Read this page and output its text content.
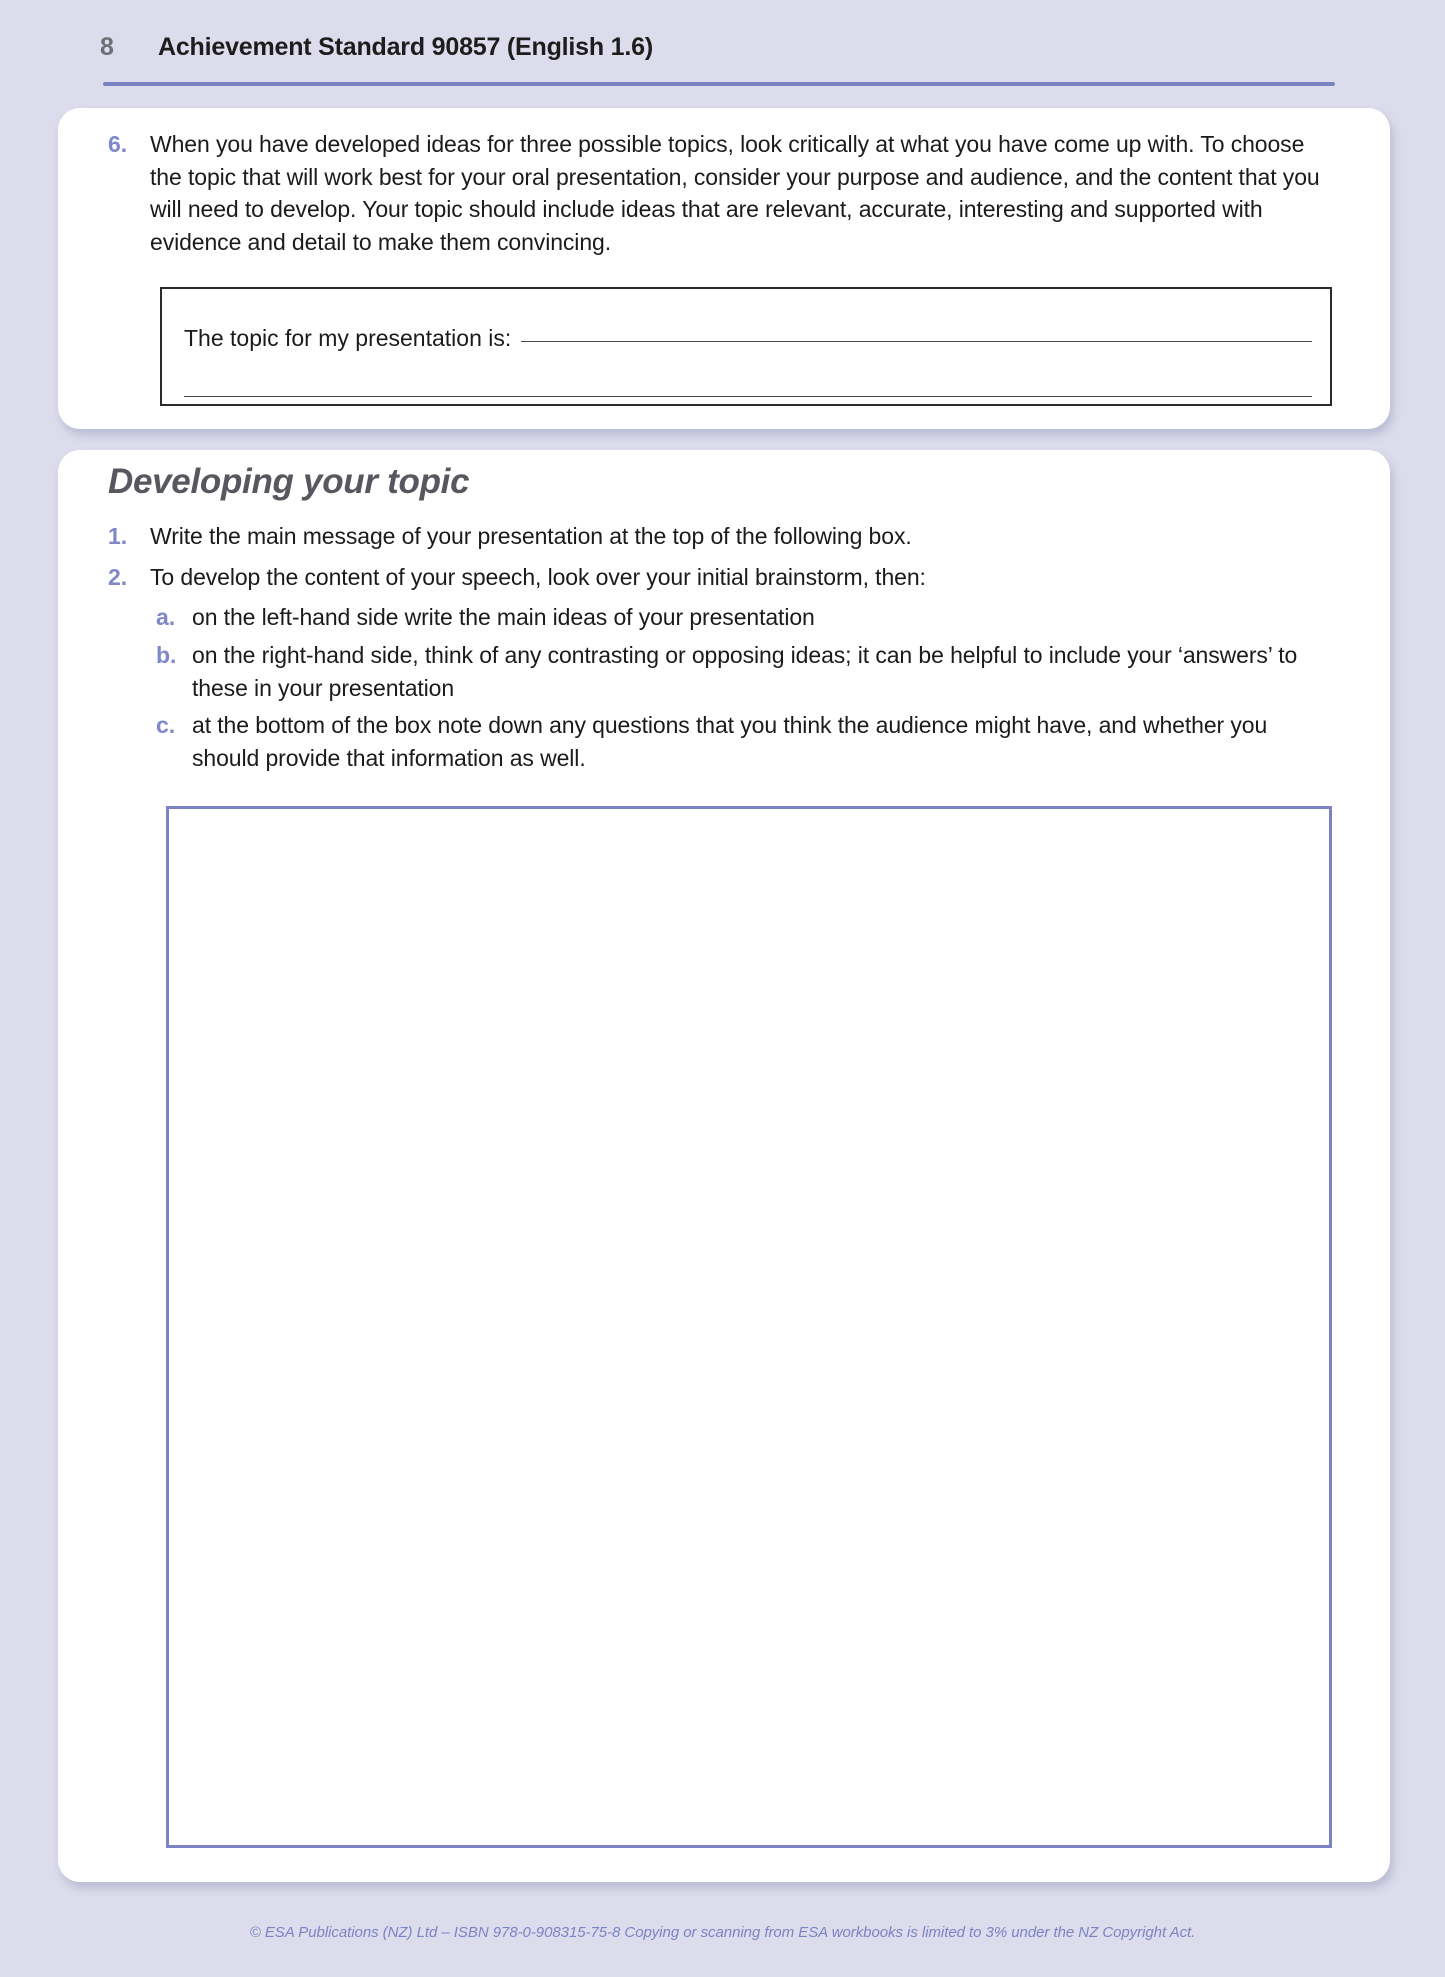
8	Achievement Standard 90857 (English 1.6)
6. When you have developed ideas for three possible topics, look critically at what you have come up with. To choose the topic that will work best for your oral presentation, consider your purpose and audience, and the content that you will need to develop. Your topic should include ideas that are relevant, accurate, interesting and supported with evidence and detail to make them convincing.
The topic for my presentation is:
Developing your topic
1. Write the main message of your presentation at the top of the following box.
2. To develop the content of your speech, look over your initial brainstorm, then:
a. on the left-hand side write the main ideas of your presentation
b. on the right-hand side, think of any contrasting or opposing ideas; it can be helpful to include your ‘answers’ to these in your presentation
c. at the bottom of the box note down any questions that you think the audience might have, and whether you should provide that information as well.
© ESA Publications (NZ) Ltd – ISBN 978-0-908315-75-8 Copying or scanning from ESA workbooks is limited to 3% under the NZ Copyright Act.
